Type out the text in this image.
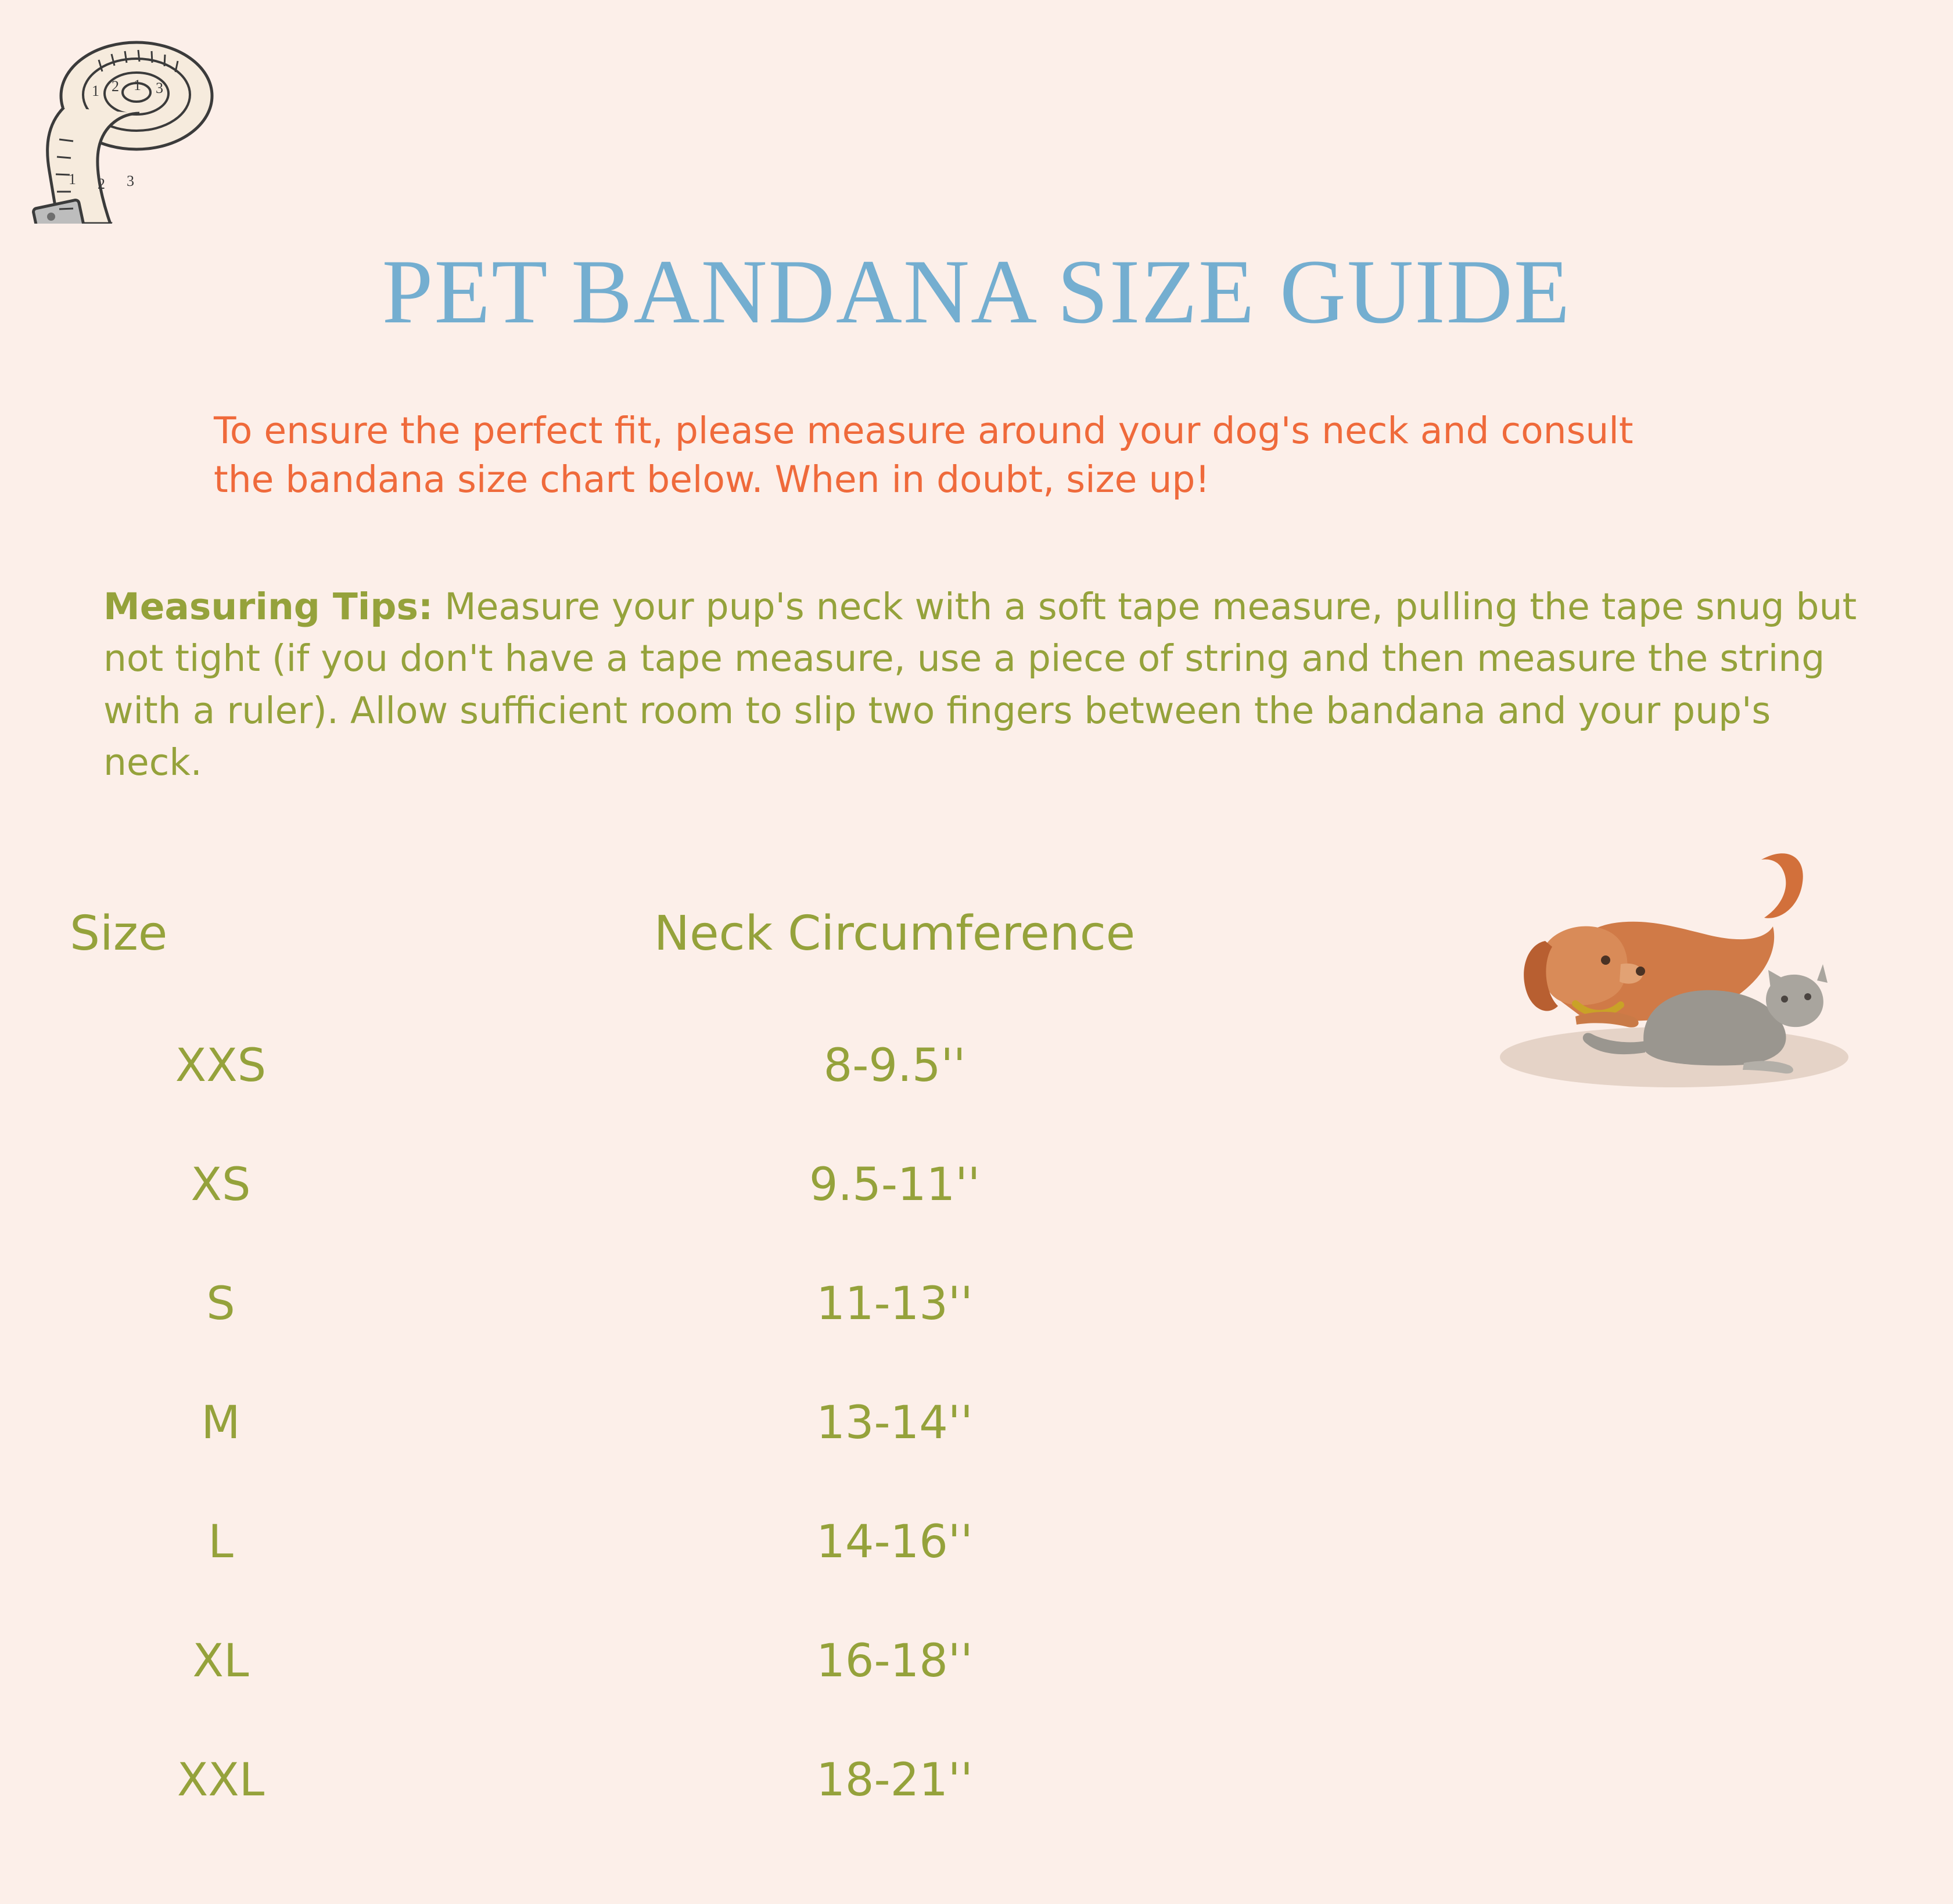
1 2 1 3
1 2 3
PET BANDANA SIZE GUIDE
To ensure the perfect fit, please measure around your dog's neck and consult the bandana size chart below. When in doubt, size up!
Measuring Tips: Measure your pup's neck with a soft tape measure, pulling the tape snug but not tight (if you don't have a tape measure, use a piece of string and then measure the string with a ruler). Allow sufficient room to slip two fingers between the bandana and your pup's neck.
Size	Neck Circumference
XXS	8-9.5''
XS	9.5-11''
S	11-13''
M	13-14''
L	14-16''
XL	16-18''
XXL	18-21''
